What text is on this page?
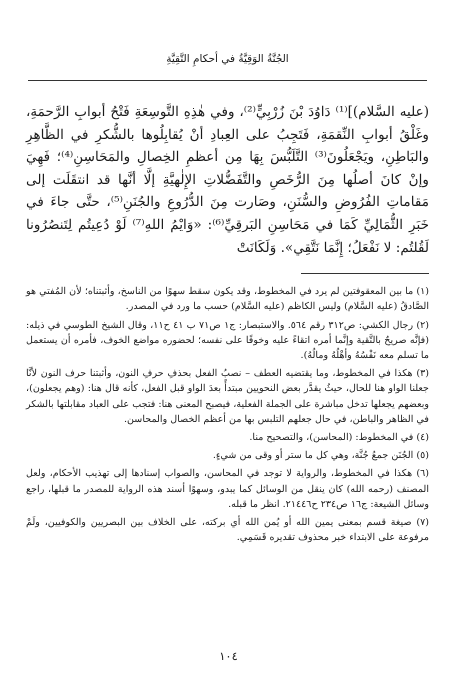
الجُنَّةُ الوَقِيَّةُ في أحكامِ التَّقِيَّةِ

(عليه السَّلام)]⁽¹⁾ دَاوُدَ بْنَ زُرْبِيٍّ⁽²⁾، وفي هٰذِهِ التَّوسِعَةِ فَتْحُ أبوابِ الرَّحمَةِ، وغَلْقُ أبوابِ النِّقمَةِ، فَتَجِبُ على العِبادِ أنْ يُقابِلُوها بالشُّكرِ في الظَّاهِرِ والبَاطِنِ، ويَجْعَلُونَ⁽³⁾ التَّلَبُّسَ بِهَا مِن أعظمِ الخِصالِ والمَحَاسِنِ⁽⁴⁾؛ فَهِيَ وإنْ كانَ أصلُها مِنَ الرُّخَصِ والتَّفَضُّلاتِ الإِلٰهيَّةِ إلَّا أنَّها قد انتقَلَت إلى مَقاماتِ الفُرُوضِ والسُّنَنِ، وصَارت مِنَ الدُّرُوعِ والجُنَنِ⁽⁵⁾، حتَّى جاءَ في خَبَرِ الثُّمَالِيِّ كَمَا في مَحَاسِنِ البَرقِيِّ⁽⁶⁾: «وَايْمُ اللهِ⁽⁷⁾ لَوْ دُعِيتُم لِتَنصُرُونا لَقُلتُم: لا نَفْعَلُ؛ إِنَّمَا نَتَّقِي». وَلَكَانَتْ

(١) ما بين المعقوفتين لم يرد في المخطوط، وقد يكون سقط سهوًا من الناسخ، وأثبتناه؛ لأن المُفتي هو الصَّادقُ (عليه السَّلام) وليس الكاظم (عليه السَّلام) حسب ما ورد في المصدر.

(٢) رجال الكشي: ص٣١٢ رقم ٥٦٤. والاستبصار: ج١ ص٧١ ب ٤١ ح١١، وقال الشيخ الطوسي في ذيله: (فإنَّه صريحٌ بالتَّقية وإنَّما أمره اتقاءً عليه وخوفًا على نفسه؛ لحضوره مواضع الخوف، فأمره أن يستعمل ما تسلم معه نَفْسُهُ وأهْلُهُ ومالُهُ).

(٣) هكذا في المخطوط، وما يقتضيه العطف – نصبُ الفعل بحذفِ حرفِ النون، وأثبتنا حرف النون لأنَّا جعلنا الواو هنا للحال، حيثُ يقدَّر بعض النحويين مبتدأً بعدَ الواو قبل الفعل، كأنه قال هنا: (وهم يجعلون)، وبعضهم يجعلها تدخل مباشرة على الجملة الفعلية، فيصبح المعنى هنا: فتجب على العباد مقابلتها بالشكر في الظاهر والباطن، في حال جعلهم التلبس بها من أعظم الخصال والمحاسن.

(٤) في المخطوط: (المحاسن)، والتصحيح منا.

(٥) الجُنَن جمعُ جُنَّة، وهي كل ما ستر أو وقى من شيءٍ.

(٦) هكذا في المخطوط، والرواية لا توجد في المحاسن، والصواب إسنادها إلى تهذيب الأحكام، ولعل المصنف (رحمه الله) كان ينقل من الوسائل كما يبدو، وسهوًا أسند هذه الرواية للمصدر ما قبلها، راجع وسائل الشيعة: ج١٦ ص٢٣٤ ح٢١٤٤٦. انظر ما قبله.

(٧) صيغة قسم بمعنى يمين الله أو يُمن الله أي بركته، على الخلاف بين البصريين والكوفيين، ولَمْ مرفوعة على الابتداء خبر محذوف تقديره قَسَمِي.

١٠٤
